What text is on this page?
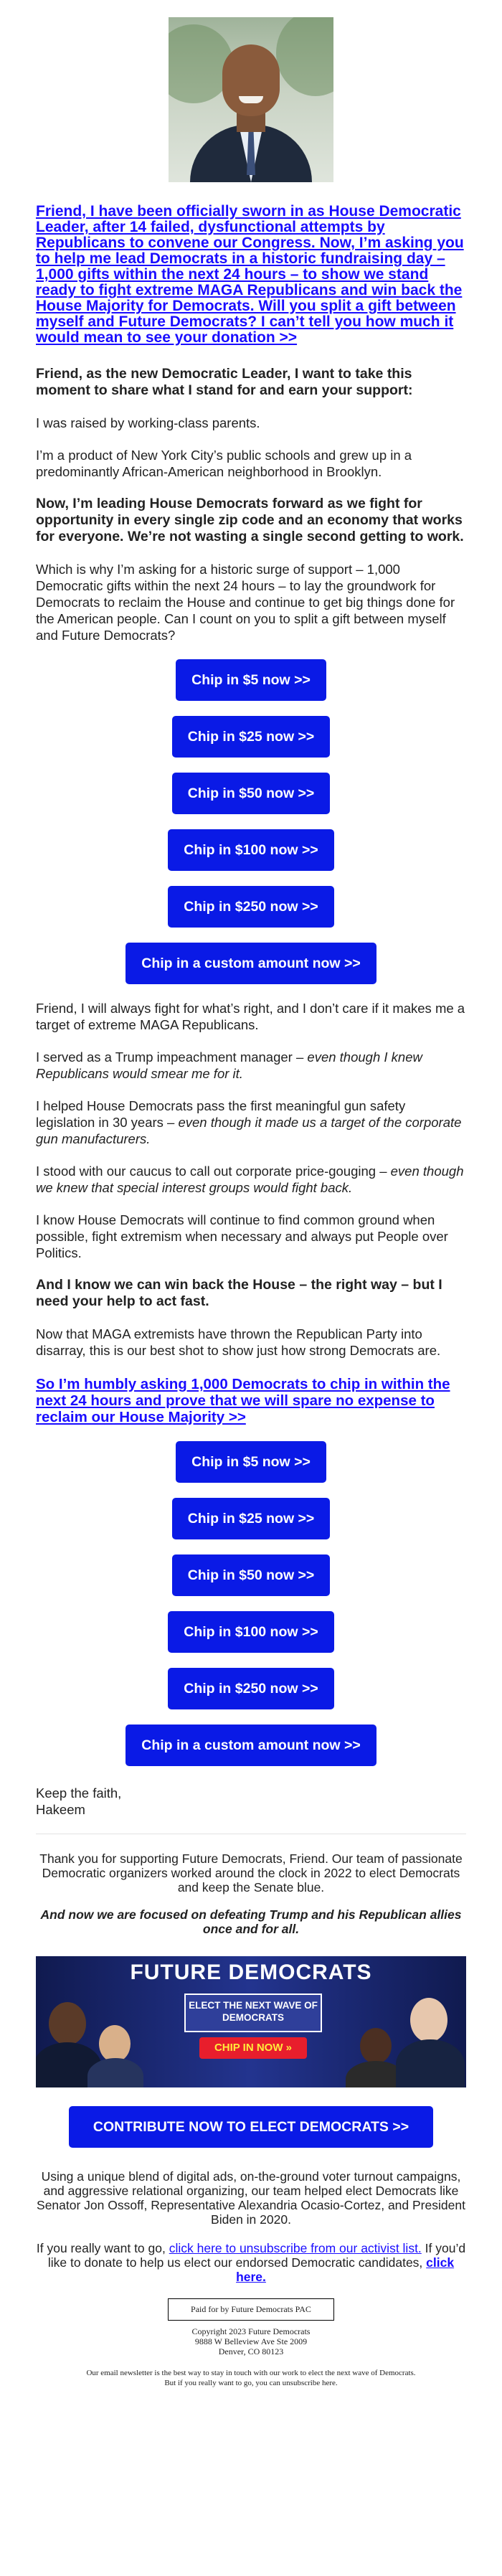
Friend, I have been officially sworn in as House Democratic Leader, after 14 failed, dysfunctional attempts by Republicans to convene our Congress. Now, I’m asking you to help me lead Democrats in a historic fundraising day – 1,000 gifts within the next 24 hours – to show we stand ready to fight extreme MAGA Republicans and win back the House Majority for Democrats. Will you split a gift between myself and Future Democrats? I can’t tell you how much it would mean to see your donation >>

Friend, as the new Democratic Leader, I want to take this moment to share what I stand for and earn your support:

I was raised by working-class parents.

I’m a product of New York City’s public schools and grew up in a predominantly African-American neighborhood in Brooklyn.

Now, I’m leading House Democrats forward as we fight for opportunity in every single zip code and an economy that works for everyone. We’re not wasting a single second getting to work.

Which is why I’m asking for a historic surge of support – 1,000 Democratic gifts within the next 24 hours – to lay the groundwork for Democrats to reclaim the House and continue to get big things done for the American people. Can I count on you to split a gift between myself and Future Democrats?

Chip in $5 now >>
Chip in $25 now >>
Chip in $50 now >>
Chip in $100 now >>
Chip in $250 now >>
Chip in a custom amount now >>

Friend, I will always fight for what’s right, and I don’t care if it makes me a target of extreme MAGA Republicans.

I served as a Trump impeachment manager – even though I knew Republicans would smear me for it.

I helped House Democrats pass the first meaningful gun safety legislation in 30 years – even though it made us a target of the corporate gun manufacturers.

I stood with our caucus to call out corporate price-gouging – even though we knew that special interest groups would fight back.

I know House Democrats will continue to find common ground when possible, fight extremism when necessary and always put People over Politics.

And I know we can win back the House – the right way – but I need your help to act fast.

Now that MAGA extremists have thrown the Republican Party into disarray, this is our best shot to show just how strong Democrats are.

So I’m humbly asking 1,000 Democrats to chip in within the next 24 hours and prove that we will spare no expense to reclaim our House Majority >>
Chip in $5 now >>
Chip in $25 now >>
Chip in $50 now >>
Chip in $100 now >>
Chip in $250 now >>
Chip in a custom amount now >>
Keep the faith,
Hakeem

Thank you for supporting Future Democrats, Friend. Our team of passionate Democratic organizers worked around the clock in 2022 to elect Democrats and keep the Senate blue.

And now we are focused on defeating Trump and his Republican allies once and for all.

FUTURE DEMOCRATS
ELECT THE NEXT WAVE OF DEMOCRATS
CHIP IN NOW »
CONTRIBUTE NOW TO ELECT DEMOCRATS >>

Using a unique blend of digital ads, on-the-ground voter turnout campaigns, and aggressive relational organizing, our team helped elect Democrats like Senator Jon Ossoff, Representative Alexandria Ocasio-Cortez, and President Biden in 2020.

If you really want to go, click here to unsubscribe from our activist list. If you’d like to donate to help us elect our endorsed Democratic candidates, click here.

Paid for by Future Democrats PAC
Copyright 2023 Future Democrats
9888 W Belleview Ave Ste 2009
Denver, CO 80123
Our email newsletter is the best way to stay in touch with our work to elect the next wave of Democrats.
But if you really want to go, you can unsubscribe here.
